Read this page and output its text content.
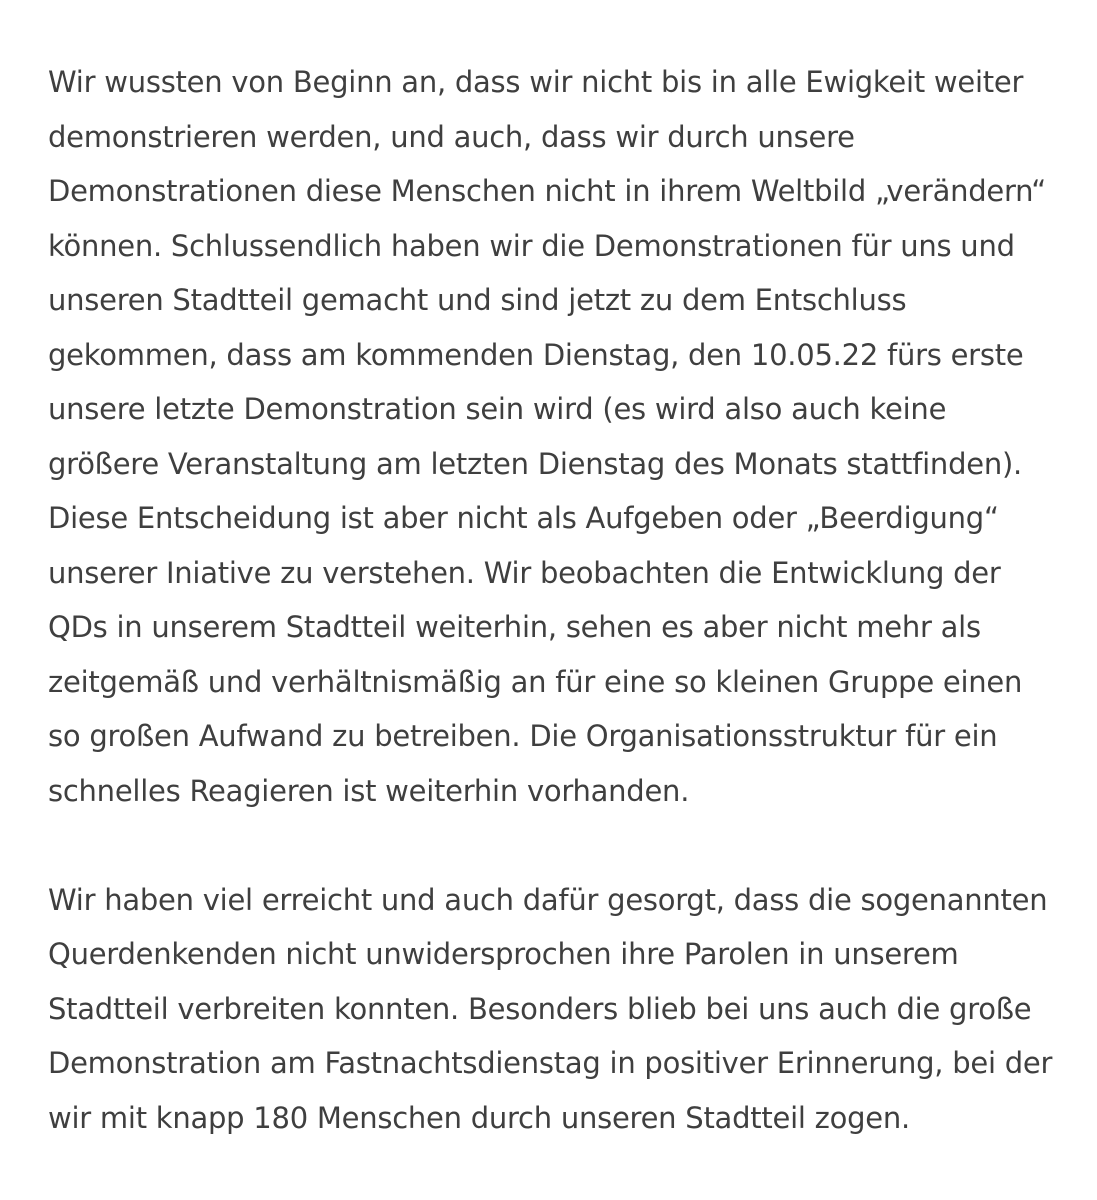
Wir wussten von Beginn an, dass wir nicht bis in alle Ewigkeit weiter
demonstrieren werden, und auch, dass wir durch unsere
Demonstrationen diese Menschen nicht in ihrem Weltbild „verändern“
können. Schlussendlich haben wir die Demonstrationen für uns und
unseren Stadtteil gemacht und sind jetzt zu dem Entschluss
gekommen, dass am kommenden Dienstag, den 10.05.22 fürs erste
unsere letzte Demonstration sein wird (es wird also auch keine
größere Veranstaltung am letzten Dienstag des Monats stattfinden).
Diese Entscheidung ist aber nicht als Aufgeben oder „Beerdigung“
unserer Iniative zu verstehen. Wir beobachten die Entwicklung der
QDs in unserem Stadtteil weiterhin, sehen es aber nicht mehr als
zeitgemäß und verhältnismäßig an für eine so kleinen Gruppe einen
so großen Aufwand zu betreiben. Die Organisationsstruktur für ein
schnelles Reagieren ist weiterhin vorhanden.

Wir haben viel erreicht und auch dafür gesorgt, dass die sogenannten
Querdenkenden nicht unwidersprochen ihre Parolen in unserem
Stadtteil verbreiten konnten. Besonders blieb bei uns auch die große
Demonstration am Fastnachtsdienstag in positiver Erinnerung, bei der
wir mit knapp 180 Menschen durch unseren Stadtteil zogen.
